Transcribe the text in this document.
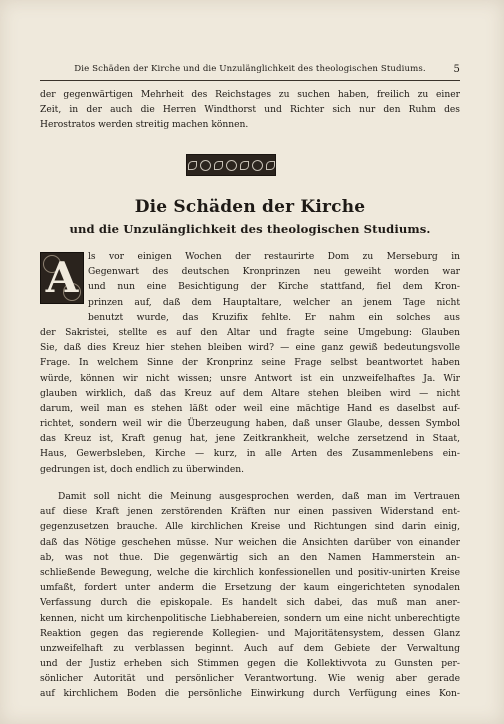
Die Schäden der Kirche und die Unzulänglichkeit des theologischen Studiums.	5
der gegenwärtigen Mehrheit des Reichstages zu suchen haben, freilich zu einer
Zeit, in der auch die Herren Windthorst und Richter sich nur den Ruhm des
Herostratos werden streitig machen können.
Die Schäden der Kirche
und die Unzulänglichkeit des theologischen Studiums.
A ls vor einigen Wochen der restaurirte Dom zu Merseburg in
Gegenwart des deutschen Kronprinzen neu geweiht worden war
und nun eine Besichtigung der Kirche stattfand, fiel dem Kron-
prinzen auf, daß dem Hauptaltare, welcher an jenem Tage nicht
benutzt wurde, das Kruzifix fehlte. Er nahm ein solches aus
der Sakristei, stellte es auf den Altar und fragte seine Umgebung: Glauben
Sie, daß dies Kreuz hier stehen bleiben wird? — eine ganz gewiß bedeutungsvolle
Frage. In welchem Sinne der Kronprinz seine Frage selbst beantwortet haben
würde, können wir nicht wissen; unsre Antwort ist ein unzweifelhaftes Ja. Wir
glauben wirklich, daß das Kreuz auf dem Altare stehen bleiben wird — nicht
darum, weil man es stehen läßt oder weil eine mächtige Hand es daselbst auf-
richtet, sondern weil wir die Überzeugung haben, daß unser Glaube, dessen Symbol
das Kreuz ist, Kraft genug hat, jene Zeitkrankheit, welche zersetzend in Staat,
Haus, Gewerbsleben, Kirche — kurz, in alle Arten des Zusammenlebens ein-
gedrungen ist, doch endlich zu überwinden.
Damit soll nicht die Meinung ausgesprochen werden, daß man im Vertrauen
auf diese Kraft jenen zerstörenden Kräften nur einen passiven Widerstand ent-
gegenzusetzen brauche. Alle kirchlichen Kreise und Richtungen sind darin einig,
daß das Nötige geschehen müsse. Nur weichen die Ansichten darüber von einander
ab, was not thue. Die gegenwärtig sich an den Namen Hammerstein an-
schließende Bewegung, welche die kirchlich konfessionellen und positiv-unirten Kreise
umfaßt, fordert unter anderm die Ersetzung der kaum eingerichteten synodalen
Verfassung durch die episkopale. Es handelt sich dabei, das muß man aner-
kennen, nicht um kirchenpolitische Liebhabereien, sondern um eine nicht unberechtigte
Reaktion gegen das regierende Kollegien- und Majoritätensystem, dessen Glanz
unzweifelhaft zu verblassen beginnt. Auch auf dem Gebiete der Verwaltung
und der Justiz erheben sich Stimmen gegen die Kollektivvota zu Gunsten per-
sönlicher Autorität und persönlicher Verantwortung. Wie wenig aber gerade
auf kirchlichem Boden die persönliche Einwirkung durch Verfügung eines Kon-
